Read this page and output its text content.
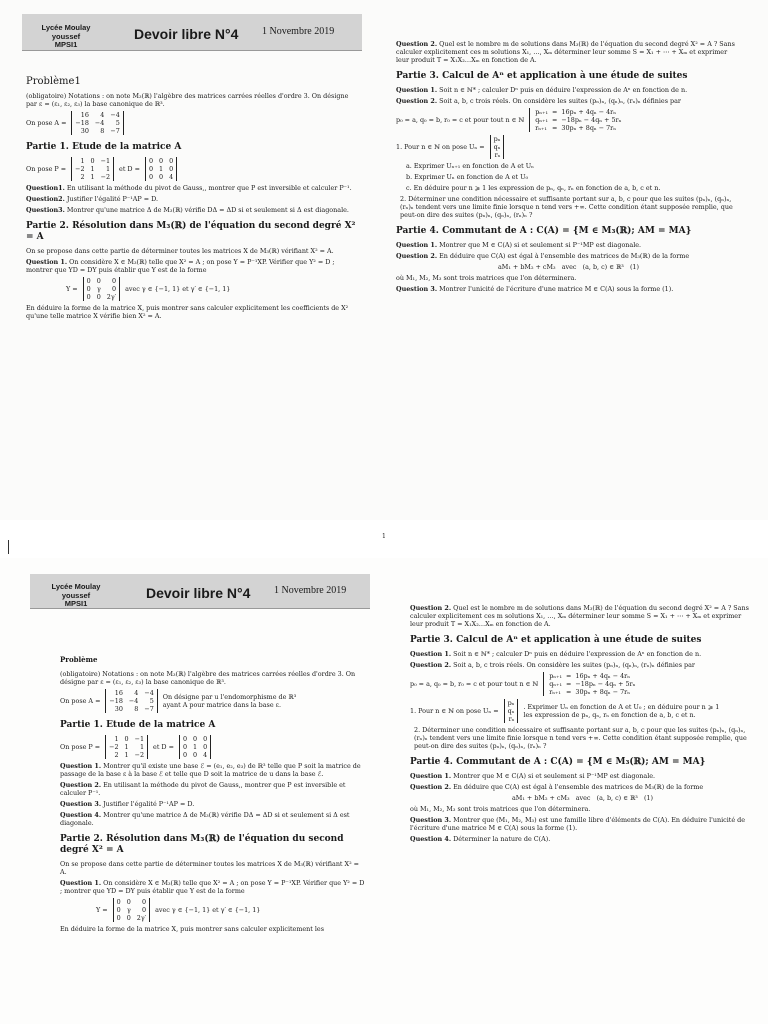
Lycée Moulay youssef
MPSI1
Devoir libre N°4 1 Novembre 2019
Problème1

(obligatoire) Notations : on note M₃(ℝ) l'algèbre des matrices carrées réelles d'ordre 3. On désigne par ε = (ε₁, ε₂, ε₃) la base canonique de ℝ³.

On pose A =
16	4 −4
−18 −4	5
30	8 −7
Partie 1. Etude de la matrice A
On pose P =
1 0 −1
−2 1	1
2 1 −2
et D =
0 0 0
0 1 0
0 0 4

Question1. En utilisant la méthode du pivot de Gauss,, montrer que P est inversible et calculer P⁻¹.

Question2. Justifier l'égalité P⁻¹AP = D.

Question3. Montrer qu'une matrice Δ de M₃(ℝ) vérifie DΔ = ΔD si et seulement si Δ est diagonale.

Partie 2. Résolution dans M₃(ℝ) de l'équation du second degré X² = A

On se propose dans cette partie de déterminer toutes les matrices X de M₃(ℝ) vérifiant X² = A.

Question 1. On considère X ∈ M₃(ℝ) telle que X² = A ; on pose Y = P⁻¹XP. Vérifier que Y² = D ; montrer que YD = DY puis établir que Y est de la forme

Y =
0 0	0
0 γ	0
0 0 2γ′
avec γ ∈ {−1, 1} et γ′ ∈ {−1, 1}

En déduire la forme de la matrice X, puis montrer sans calculer explicitement les coefficients de X² qu'une telle matrice X vérifie bien X² = A.

Question 2. Quel est le nombre m de solutions dans M₃(ℝ) de l'équation du second degré X² = A ? Sans calculer explicitement ces m solutions X₁, …, Xₘ déterminer leur somme S = X₁ + ⋯ + Xₘ et exprimer leur produit T = X₁X₂…Xₘ en fonction de A.

Partie 3. Calcul de Aⁿ et application à une étude de suites

Question 1. Soit n ∈ ℕ* ; calculer Dⁿ puis en déduire l'expression de Aⁿ en fonction de n.

Question 2. Soit a, b, c trois réels. On considère les suites (pₙ)ₙ, (qₙ)ₙ, (rₙ)ₙ définies par

p₀ = a, q₀ = b, r₀ = c et pour tout n ∈ ℕ
pₙ₊₁ = 16pₙ + 4qₙ − 4rₙ
qₙ₊₁ = −18pₙ − 4qₙ + 5rₙ
rₙ₊₁ = 30pₙ + 8qₙ − 7rₙ
1. Pour n ∈ ℕ on pose Uₙ =
pₙ
qₙ
rₙ

a. Exprimer Uₙ₊₁ en fonction de A et Uₙ

b. Exprimer Uₙ en fonction de A et U₀

c. En déduire pour n ⩾ 1 les expression de pₙ, qₙ, rₙ en fonction de a, b, c et n.

2. Déterminer une condition nécessaire et suffisante portant sur a, b, c pour que les suites (pₙ)ₙ, (qₙ)ₙ, (rₙ)ₙ tendent vers une limite finie lorsque n tend vers +∞. Cette condition étant supposée remplie, que peut-on dire des suites (pₙ)ₙ, (qₙ)ₙ, (rₙ)ₙ ?

Partie 4. Commutant de A : C(A) = {M ∈ M₃(ℝ); AM = MA}

Question 1. Montrer que M ∈ C(A) si et seulement si P⁻¹MP est diagonale.

Question 2. En déduire que C(A) est égal à l'ensemble des matrices de M₃(ℝ) de la forme

aM₁ + bM₂ + cM₃   avec   (a, b, c) ∈ ℝ³   (1)

où M₁, M₂, M₃ sont trois matrices que l'on déterminera.

Question 3. Montrer l'unicité de l'écriture d'une matrice M ∈ C(A) sous la forme (1).

1
Lycée Moulay youssef
MPSI1
Devoir libre N°4 1 Novembre 2019
Problème

(obligatoire) Notations : on note M₃(ℝ) l'algèbre des matrices carrées réelles d'ordre 3. On désigne par ε = (ε₁, ε₂, ε₃) la base canonique de ℝ³.

On pose A =
16	4 −4
−18 −4	5
30	8 −7
On désigne par u l'endomorphisme de ℝ³ ayant A pour matrice dans la base ε.
Partie 1. Etude de la matrice A
On pose P =
1 0 −1
−2 1	1
2 1 −2
et D =
0 0 0
0 1 0
0 0 4

Question 1. Montrer qu'il existe une base ℰ = (e₁, e₂, e₃) de ℝ³ telle que P soit la matrice de passage de la base ε à la base ℰ et telle que D soit la matrice de u dans la base ℰ.

Question 2. En utilisant la méthode du pivot de Gauss,, montrer que P est inversible et calculer P⁻¹.

Question 3. Justifier l'égalité P⁻¹AP = D.

Question 4. Montrer qu'une matrice Δ de M₃(ℝ) vérifie DΔ = ΔD si et seulement si Δ est diagonale.

Partie 2. Résolution dans M₃(ℝ) de l'équation du second degré X² = A

On se propose dans cette partie de déterminer toutes les matrices X de M₃(ℝ) vérifiant X² = A.

Question 1. On considère X ∈ M₃(ℝ) telle que X² = A ; on pose Y = P⁻¹XP. Vérifier que Y² = D ; montrer que YD = DY puis établir que Y est de la forme

Y =
0 0	0
0 γ	0
0 0 2γ′
avec γ ∈ {−1, 1} et γ′ ∈ {−1, 1}

En déduire la forme de la matrice X, puis montrer sans calculer explicitement les

Question 2. Quel est le nombre m de solutions dans M₃(ℝ) de l'équation du second degré X² = A ? Sans calculer explicitement ces m solutions X₁, …, Xₘ déterminer leur somme S = X₁ + ⋯ + Xₘ et exprimer leur produit T = X₁X₂…Xₘ en fonction de A.

Partie 3. Calcul de Aⁿ et application à une étude de suites

Question 1. Soit n ∈ ℕ* ; calculer Dⁿ puis en déduire l'expression de Aⁿ en fonction de n.

Question 2. Soit a, b, c trois réels. On considère les suites (pₙ)ₙ, (qₙ)ₙ, (rₙ)ₙ définies par

p₀ = a, q₀ = b, r₀ = c et pour tout n ∈ ℕ
pₙ₊₁ = 16pₙ + 4qₙ − 4rₙ
qₙ₊₁ = −18pₙ − 4qₙ + 5rₙ
rₙ₊₁ = 30pₙ + 8qₙ − 7rₙ
1. Pour n ∈ ℕ on pose Uₙ =
pₙ
qₙ
rₙ
. Exprimer Uₙ en fonction de A et U₀ ; en déduire pour n ⩾ 1 les expression de pₙ, qₙ, rₙ en fonction de a, b, c et n.

2. Déterminer une condition nécessaire et suffisante portant sur a, b, c pour que les suites (pₙ)ₙ, (qₙ)ₙ, (rₙ)ₙ tendent vers une limite finie lorsque n tend vers +∞. Cette condition étant supposée remplie, que peut-on dire des suites (pₙ)ₙ, (qₙ)ₙ, (rₙ)ₙ ?

Partie 4. Commutant de A : C(A) = {M ∈ M₃(ℝ); AM = MA}

Question 1. Montrer que M ∈ C(A) si et seulement si P⁻¹MP est diagonale.

Question 2. En déduire que C(A) est égal à l'ensemble des matrices de M₃(ℝ) de la forme

aM₁ + bM₂ + cM₃   avec   (a, b, c) ∈ ℝ³   (1)

où M₁, M₂, M₃ sont trois matrices que l'on déterminera.

Question 3. Montrer que (M₁, M₂, M₃) est une famille libre d'éléments de C(A). En déduire l'unicité de l'écriture d'une matrice M ∈ C(A) sous la forme (1).

Question 4. Déterminer la nature de C(A).
